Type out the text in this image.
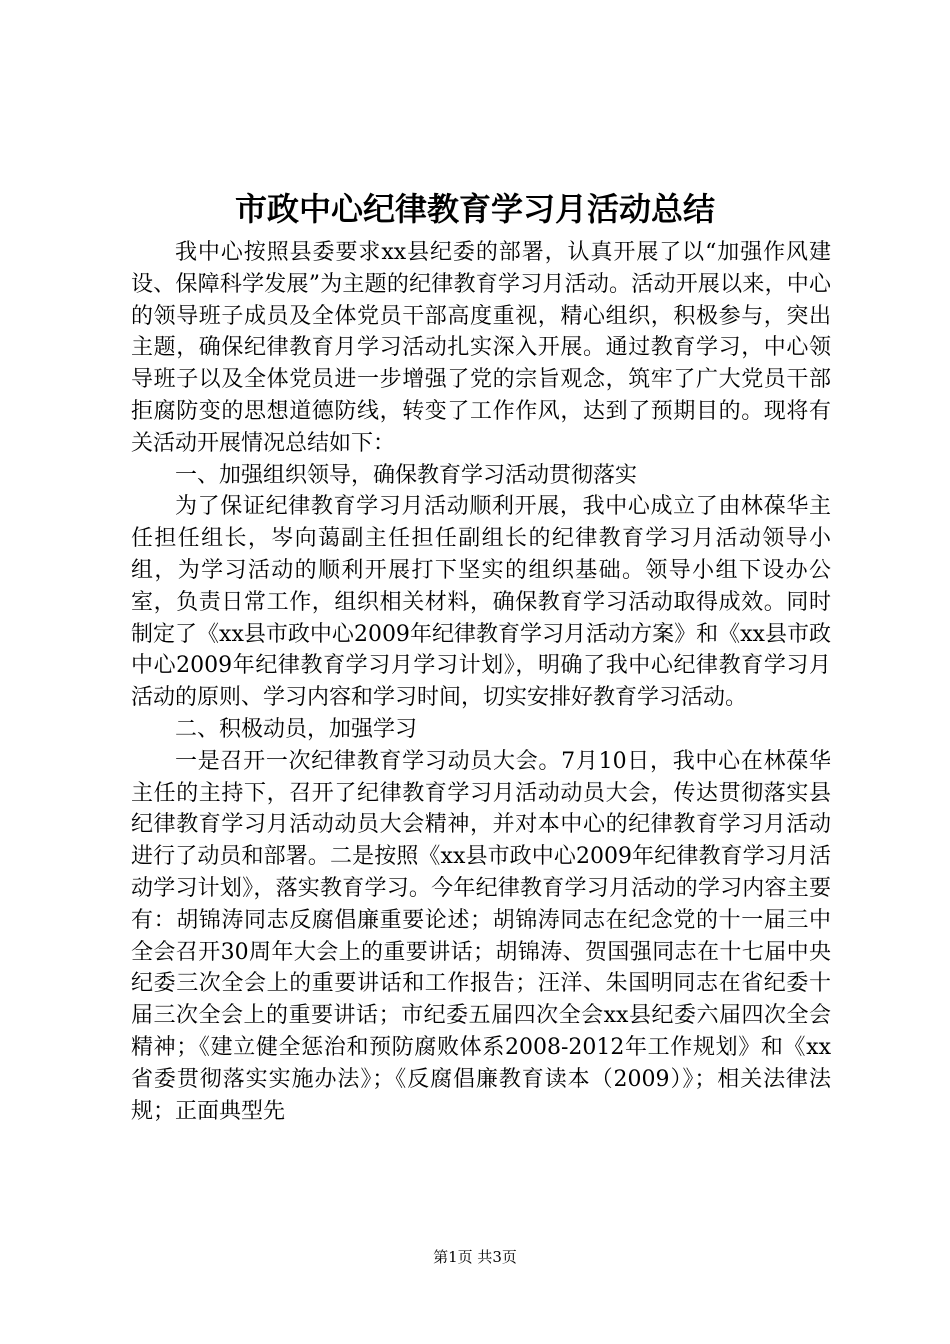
市政中心纪律教育学习月活动总结

我中心按照县委要求xx县纪委的部署，认真开展了以“加强作风建设、保障科学发展”为主题的纪律教育学习月活动。活动开展以来，中心的领导班子成员及全体党员干部高度重视，精心组织，积极参与，突出主题，确保纪律教育月学习活动扎实深入开展。通过教育学习，中心领导班子以及全体党员进一步增强了党的宗旨观念，筑牢了广大党员干部拒腐防变的思想道德防线，转变了工作作风，达到了预期目的。现将有关活动开展情况总结如下：

一、加强组织领导，确保教育学习活动贯彻落实

为了保证纪律教育学习月活动顺利开展，我中心成立了由林葆华主任担任组长，岑向蔼副主任担任副组长的纪律教育学习月活动领导小组，为学习活动的顺利开展打下坚实的组织基础。领导小组下设办公室，负责日常工作，组织相关材料，确保教育学习活动取得成效。同时制定了《xx县市政中心2009年纪律教育学习月活动方案》和《xx县市政中心2009年纪律教育学习月学习计划》，明确了我中心纪律教育学习月活动的原则、学习内容和学习时间，切实安排好教育学习活动。

二、积极动员，加强学习

一是召开一次纪律教育学习动员大会。7月10日，我中心在林葆华主任的主持下，召开了纪律教育学习月活动动员大会，传达贯彻落实县纪律教育学习月活动动员大会精神，并对本中心的纪律教育学习月活动进行了动员和部署。二是按照《xx县市政中心2009年纪律教育学习月活动学习计划》，落实教育学习。今年纪律教育学习月活动的学习内容主要有：胡锦涛同志反腐倡廉重要论述；胡锦涛同志在纪念党的十一届三中全会召开30周年大会上的重要讲话；胡锦涛、贺国强同志在十七届中央纪委三次全会上的重要讲话和工作报告；汪洋、朱国明同志在省纪委十届三次全会上的重要讲话；市纪委五届四次全会xx县纪委六届四次全会精神；《建立健全惩治和预防腐败体系2008-2012年工作规划》和《xx省委贯彻落实实施办法》；《反腐倡廉教育读本（2009）》；相关法律法规；正面典型先

第1页 共3页
